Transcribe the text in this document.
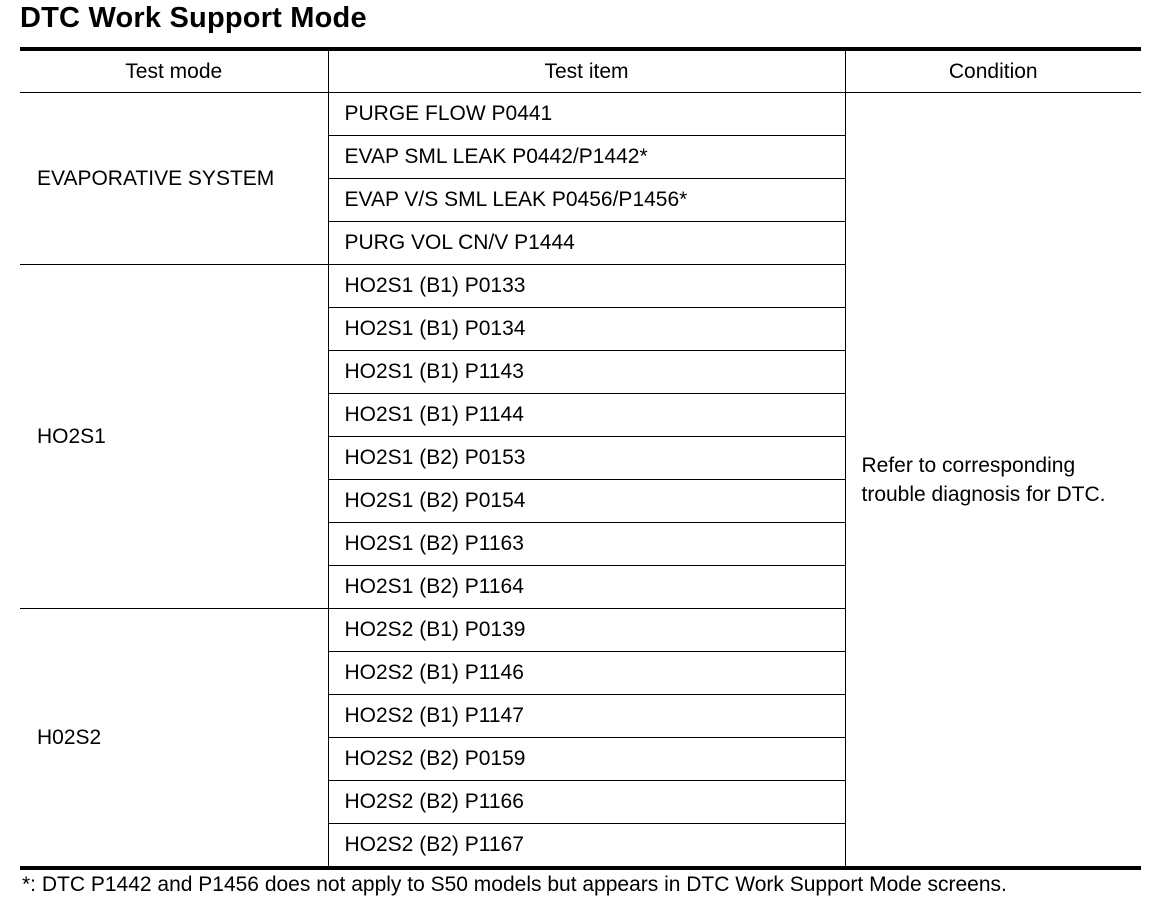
DTC Work Support Mode
Test mode	Test item	Condition
EVAPORATIVE SYSTEM	PURGE FLOW P0441	Refer to corresponding trouble diagnosis for DTC.
	EVAP SML LEAK P0442/P1442*	
	EVAP V/S SML LEAK P0456/P1456*	
	PURG VOL CN/V P1444	
HO2S1	HO2S1 (B1) P0133	
	HO2S1 (B1) P0134	
	HO2S1 (B1) P1143	
	HO2S1 (B1) P1144	
	HO2S1 (B2) P0153	
	HO2S1 (B2) P0154	
	HO2S1 (B2) P1163	
	HO2S1 (B2) P1164	
H02S2	HO2S2 (B1) P0139	
	HO2S2 (B1) P1146	
	HO2S2 (B1) P1147	
	HO2S2 (B2) P0159	
	HO2S2 (B2) P1166	
	HO2S2 (B2) P1167	
*: DTC P1442 and P1456 does not apply to S50 models but appears in DTC Work Support Mode screens.
